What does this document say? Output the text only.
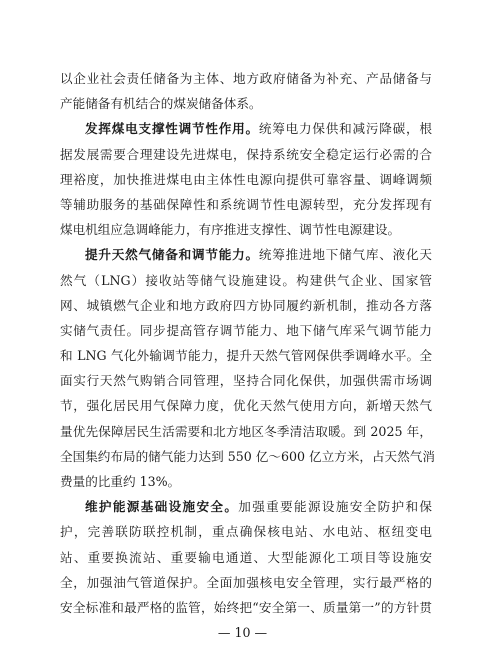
以企业社会责任储备为主体、地方政府储备为补充、产品储备与
产能储备有机结合的煤炭储备体系。
发挥煤电支撑性调节性作用。统筹电力保供和减污降碳，根
据发展需要合理建设先进煤电，保持系统安全稳定运行必需的合
理裕度，加快推进煤电由主体性电源向提供可靠容量、调峰调频
等辅助服务的基础保障性和系统调节性电源转型，充分发挥现有
煤电机组应急调峰能力，有序推进支撑性、调节性电源建设。
提升天然气储备和调节能力。统筹推进地下储气库、液化天
然气（LNG）接收站等储气设施建设。构建供气企业、国家管
网、城镇燃气企业和地方政府四方协同履约新机制，推动各方落
实储气责任。同步提高管存调节能力、地下储气库采气调节能力
和 LNG 气化外输调节能力，提升天然气管网保供季调峰水平。全
面实行天然气购销合同管理，坚持合同化保供，加强供需市场调
节，强化居民用气保障力度，优化天然气使用方向，新增天然气
量优先保障居民生活需要和北方地区冬季清洁取暖。到 2025 年，
全国集约布局的储气能力达到 550 亿～600 亿立方米，占天然气消
费量的比重约 13%。
维护能源基础设施安全。加强重要能源设施安全防护和保
护，完善联防联控机制，重点确保核电站、水电站、枢纽变电
站、重要换流站、重要输电通道、大型能源化工项目等设施安
全，加强油气管道保护。全面加强核电安全管理，实行最严格的
安全标准和最严格的监管，始终把“安全第一、质量第一”的方针贯
— 10 —
